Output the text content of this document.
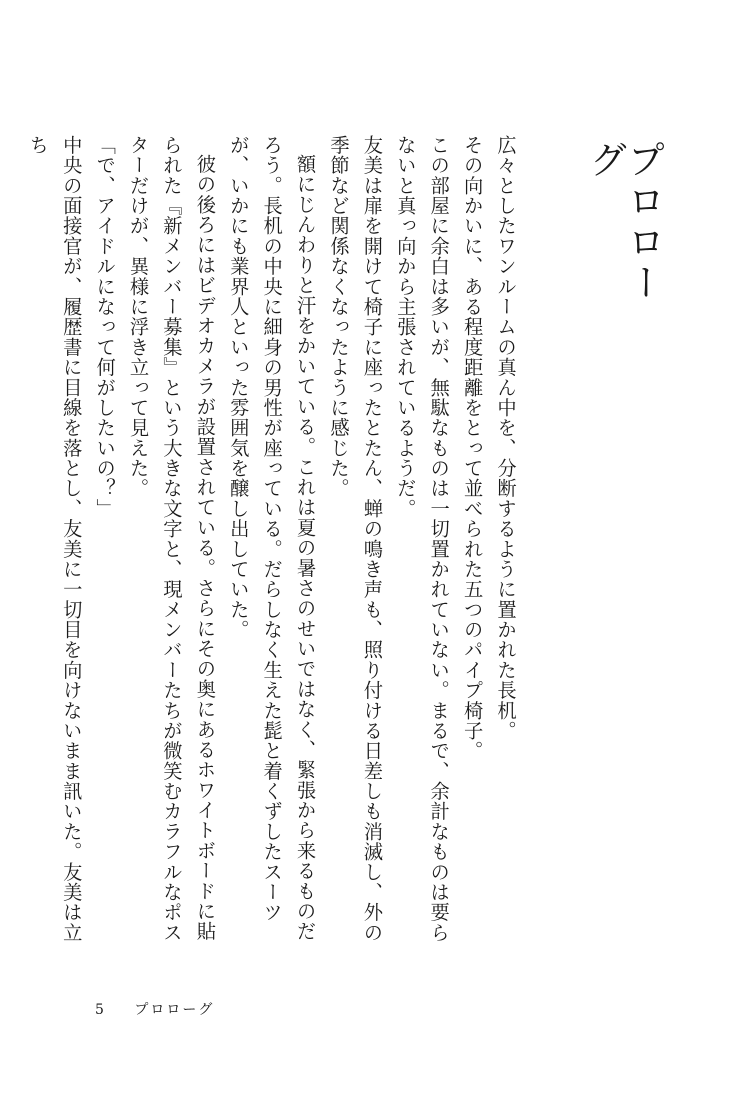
プロローグ

広々としたワンルームの真ん中を、分断するように置かれた長机。

その向かいに、ある程度距離をとって並べられた五つのパイプ椅子。

この部屋に余白は多いが、無駄なものは一切置かれていない。まるで、余計なものは要らないと真っ向から主張されているようだ。

友美は扉を開けて椅子に座ったとたん、蝉の鳴き声も、照り付ける日差しも消滅し、外の季節など関係なくなったように感じた。

額にじんわりと汗をかいている。これは夏の暑さのせいではなく、緊張から来るものだろう。長机の中央に細身の男性が座っている。だらしなく生えた髭と着くずしたスーツが、いかにも業界人といった雰囲気を醸し出していた。

彼の後ろにはビデオカメラが設置されている。さらにその奥にあるホワイトボードに貼られた『新メンバー募集』という大きな文字と、現メンバーたちが微笑むカラフルなポスターだけが、異様に浮き立って見えた。

「で、アイドルになって何がしたいの？」

中央の面接官が、履歴書に目線を落とし、友美に一切目を向けないまま訊いた。友美は立ち

5 プロローグ
